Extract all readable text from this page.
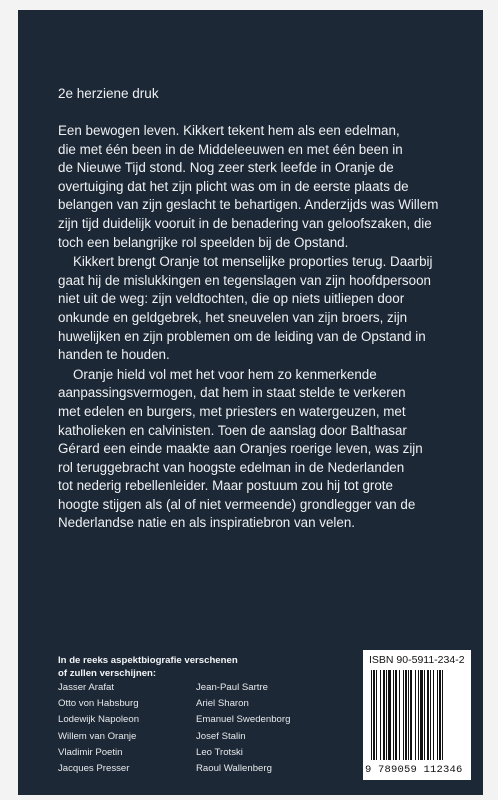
2e herziene druk

Een bewogen leven. Kikkert tekent hem als een edelman,

die met één been in de Middeleeuwen en met één been in

de Nieuwe Tijd stond. Nog zeer sterk leefde in Oranje de

overtuiging dat het zijn plicht was om in de eerste plaats de

belangen van zijn geslacht te behartigen. Anderzijds was Willem

zijn tijd duidelijk vooruit in de benadering van geloofszaken, die

toch een belangrijke rol speelden bij de Opstand.

Kikkert brengt Oranje tot menselijke proporties terug. Daarbij

gaat hij de mislukkingen en tegenslagen van zijn hoofdpersoon

niet uit de weg: zijn veldtochten, die op niets uitliepen door

onkunde en geldgebrek, het sneuvelen van zijn broers, zijn

huwelijken en zijn problemen om de leiding van de Opstand in

handen te houden.

Oranje hield vol met het voor hem zo kenmerkende

aanpassingsvermogen, dat hem in staat stelde te verkeren

met edelen en burgers, met priesters en watergeuzen, met

katholieken en calvinisten. Toen de aanslag door Balthasar

Gérard een einde maakte aan Oranjes roerige leven, was zijn

rol teruggebracht van hoogste edelman in de Nederlanden

tot nederig rebellenleider. Maar postuum zou hij tot grote

hoogte stijgen als (al of niet vermeende) grondlegger van de

Nederlandse natie en als inspiratiebron van velen.

In de reeks aspektbiografie verschenen
of zullen verschijnen:
Jasser Arafat
Otto von Habsburg
Lodewijk Napoleon
Willem van Oranje
Vladimir Poetin
Jacques Presser
Jean-Paul Sartre
Ariel Sharon
Emanuel Swedenborg
Josef Stalin
Leo Trotski
Raoul Wallenberg
ISBN 90-5911-234-2
9 789059 112346
